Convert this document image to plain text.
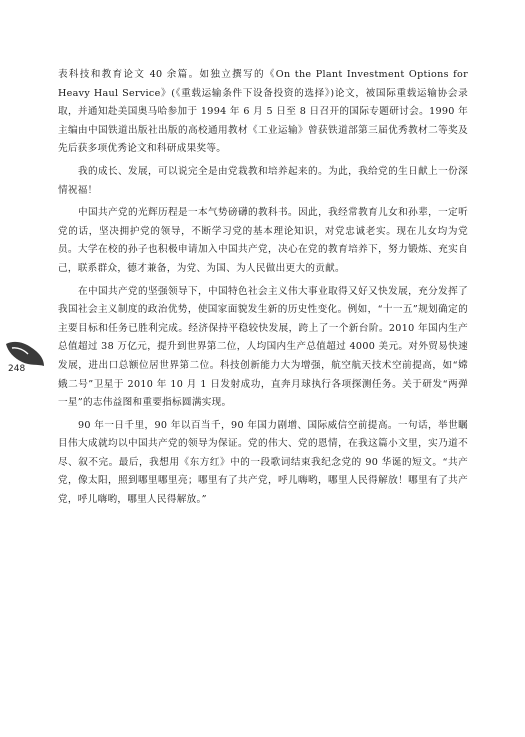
表科技和教育论文 40 余篇。如独立撰写的《On the Plant Investment Options for Heavy Haul Service》(《重载运输条件下设备投资的选择》)论文，被国际重载运输协会录取，并通知赴美国奥马哈参加于 1994 年 6 月 5 日至 8 日召开的国际专题研讨会。1990 年主编由中国铁道出版社出版的高校通用教材《工业运输》曾获铁道部第三届优秀教材二等奖及先后获多项优秀论文和科研成果奖等。

我的成长、发展，可以说完全是由党栽教和培养起来的。为此，我给党的生日献上一份深情祝福！

中国共产党的光辉历程是一本气势磅礴的教科书。因此，我经常教育儿女和孙辈，一定听党的话，坚决拥护党的领导，不断学习党的基本理论知识，对党忠诚老实。现在儿女均为党员。大学在校的孙子也积极申请加入中国共产党，决心在党的教育培养下，努力锻炼、充实自己，联系群众，德才兼备，为党、为国、为人民做出更大的贡献。

在中国共产党的坚强领导下，中国特色社会主义伟大事业取得又好又快发展，充分发挥了我国社会主义制度的政治优势，使国家面貌发生新的历史性变化。例如，“十一五”规划确定的主要目标和任务已胜利完成。经济保持平稳较快发展，跨上了一个新台阶。2010 年国内生产总值超过 38 万亿元，提升到世界第二位，人均国内生产总值超过 4000 美元。对外贸易快速发展，进出口总额位居世界第二位。科技创新能力大为增强，航空航天技术空前提高，如“嫦娥二号”卫星于 2010 年 10 月 1 日发射成功，直奔月球执行各项探测任务。关于研发“两弹一星”的志伟益图和重要指标圆满实现。

90 年一日千里，90 年以百当千，90 年国力剧增、国际威信空前提高。一句话，举世瞩目伟大成就均以中国共产党的领导为保证。党的伟大、党的恩情，在我这篇小文里，实乃道不尽、叙不完。最后，我想用《东方红》中的一段歌词结束我纪念党的 90 华诞的短文。“共产党，像太阳，照到哪里哪里亮；哪里有了共产党，呼儿嗨哟，哪里人民得解放！哪里有了共产党，呼儿嗨哟，哪里人民得解放。”

248
